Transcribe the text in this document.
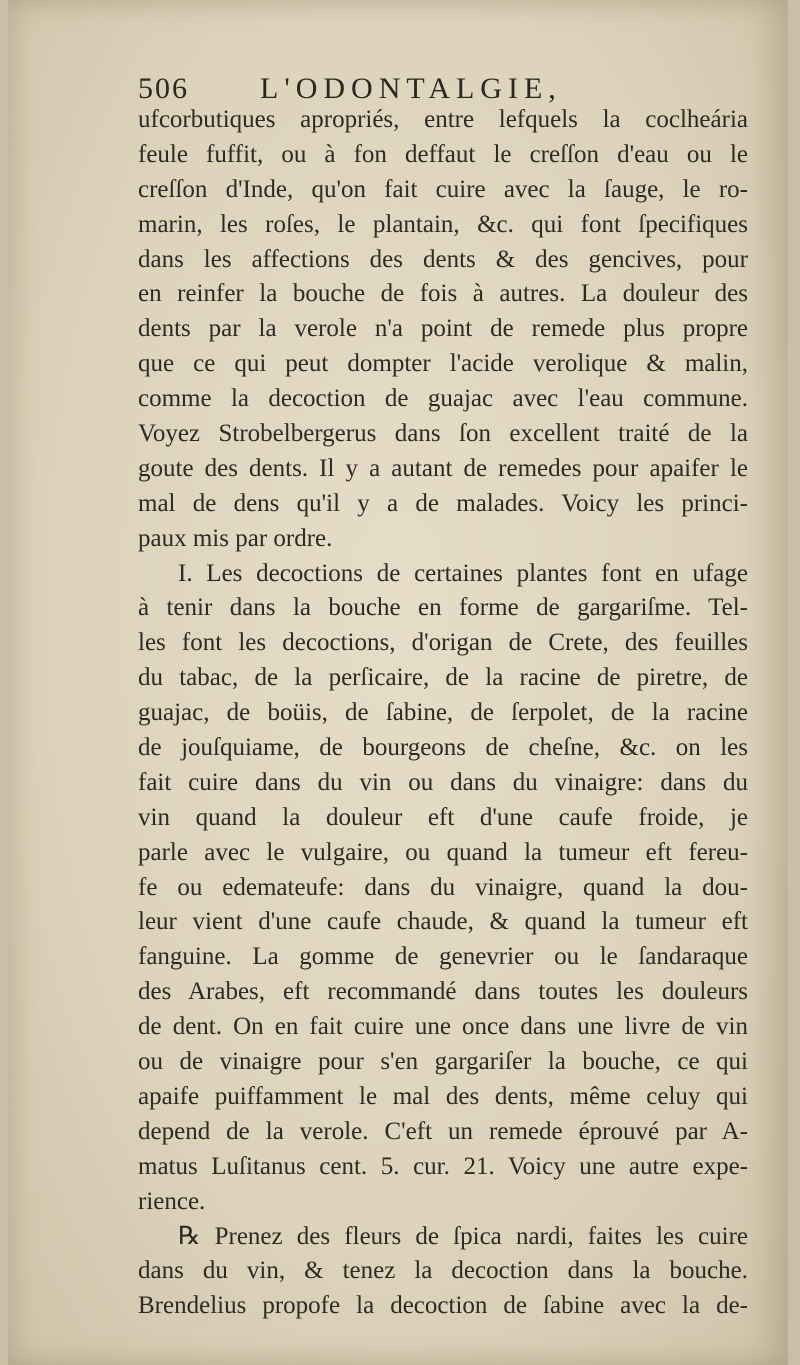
506 L'ODONTALGIE,
ufcorbutiques apropriés, entre lefquels la coclheária
feule fuffit, ou à fon deffaut le creſſon d'eau ou le
creſſon d'Inde, qu'on fait cuire avec la ſauge, le ro-
marin, les roſes, le plantain, &c. qui font ſpecifiques
dans les affections des dents & des gencives, pour
en reinfer la bouche de fois à autres. La douleur des
dents par la verole n'a point de remede plus propre
que ce qui peut dompter l'acide verolique & malin,
comme la decoction de guajac avec l'eau commune.
Voyez Strobelbergerus dans ſon excellent traité de la
goute des dents. Il y a autant de remedes pour apaifer le
mal de dens qu'il y a de malades. Voicy les princi-
paux mis par ordre.
I. Les decoctions de certaines plantes font en ufage
à tenir dans la bouche en forme de gargariſme. Tel-
les font les decoctions, d'origan de Crete, des feuilles
du tabac, de la perſicaire, de la racine de piretre, de
guajac, de boüis, de ſabine, de ſerpolet, de la racine
de jouſquiame, de bourgeons de cheſne, &c. on les
fait cuire dans du vin ou dans du vinaigre: dans du
vin quand la douleur eft d'une caufe froide, je
parle avec le vulgaire, ou quand la tumeur eft fereu-
fe ou edemateufe: dans du vinaigre, quand la dou-
leur vient d'une caufe chaude, & quand la tumeur eft
fanguine. La gomme de genevrier ou le ſandaraque
des Arabes, eft recommandé dans toutes les douleurs
de dent. On en fait cuire une once dans une livre de vin
ou de vinaigre pour s'en gargariſer la bouche, ce qui
apaife puiffamment le mal des dents, même celuy qui
depend de la verole. C'eft un remede éprouvé par A-
matus Luſitanus cent. 5. cur. 21. Voicy une autre expe-
rience.
℞ Prenez des fleurs de ſpica nardi, faites les cuire
dans du vin, & tenez la decoction dans la bouche.
Brendelius propofe la decoction de ſabine avec la de-
